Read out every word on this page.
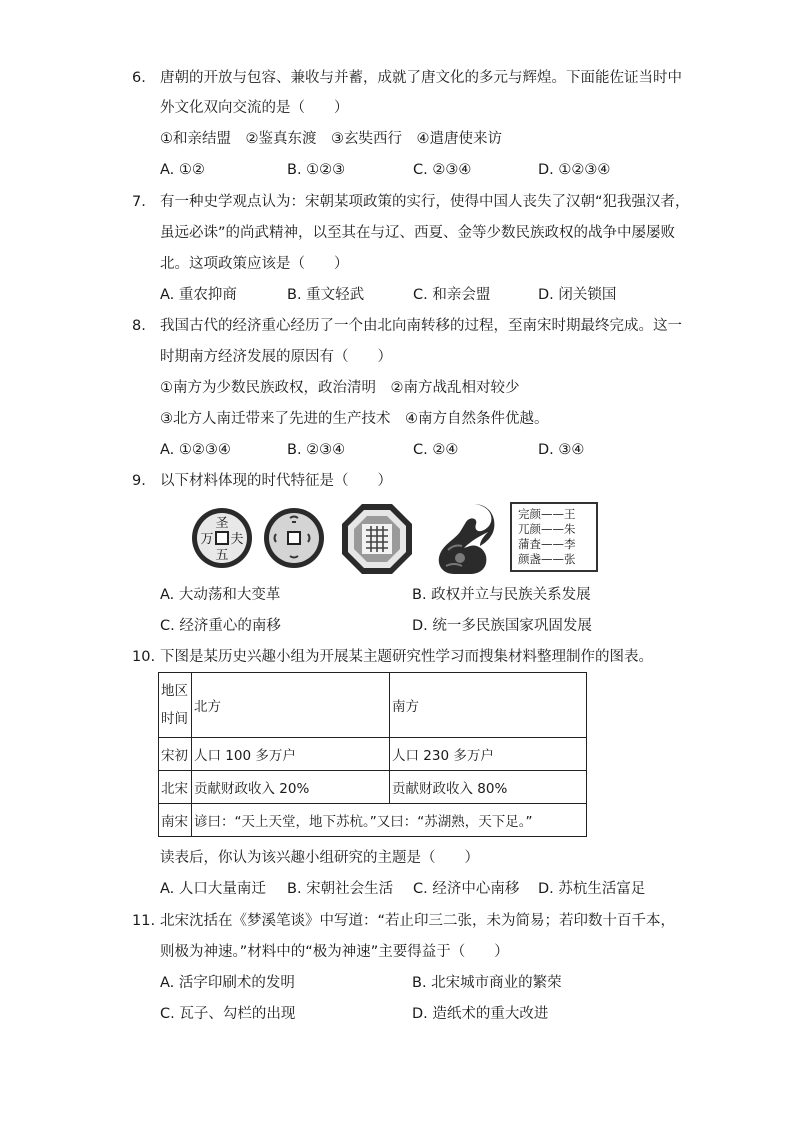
6. 唐朝的开放与包容、兼收与并蓄，成就了唐文化的多元与辉煌。下面能佐证当时中
外文化双向交流的是（　　）
①和亲结盟　②鉴真东渡　③玄奘西行　④遣唐使来访
A. ①②	B. ①②③	C. ②③④	D. ①②③④
7. 有一种史学观点认为：宋朝某项政策的实行，使得中国人丧失了汉朝“犯我强汉者，
虽远必诛”的尚武精神，以至其在与辽、西夏、金等少数民族政权的战争中屡屡败
北。这项政策应该是（　　）
A. 重农抑商	B. 重文轻武	C. 和亲会盟	D. 闭关锁国
8. 我国古代的经济重心经历了一个由北向南转移的过程，至南宋时期最终完成。这一
时期南方经济发展的原因有（　　）
①南方为少数民族政权，政治清明　②南方战乱相对较少
③北方人南迁带来了先进的生产技术　④南方自然条件优越。
A. ①②③④	B. ②③④	C. ②④	D. ③④
9. 以下材料体现的时代特征是（　　）
圣
夫
万
五
完颜——王
兀颜——朱
蒲査——李
颜盏——张
A. 大动荡和大变革	B. 政权并立与民族关系发展
C. 经济重心的南移	D. 统一多民族国家巩固发展
10. 下图是某历史兴趣小组为开展某主题研究性学习而搜集材料整理制作的图表。
地区
时间	北方	南方
宋初	人口 100 多万户	人口 230 多万户
北宋	贡献财政收入 20%	贡献财政收入 80%
南宋	谚曰：“天上天堂，地下苏杭。”又曰：“苏湖熟，天下足。”	
读表后，你认为该兴趣小组研究的主题是（　　）
A. 人口大量南迁 B. 宋朝社会生活 C. 经济中心南移 D. 苏杭生活富足
11. 北宋沈括在《梦溪笔谈》中写道：“若止印三二张，未为简易；若印数十百千本，
则极为神速。”材料中的“极为神速”主要得益于（　　）
A. 活字印刷术的发明	B. 北宋城市商业的繁荣
C. 瓦子、勾栏的出现	D. 造纸术的重大改进
